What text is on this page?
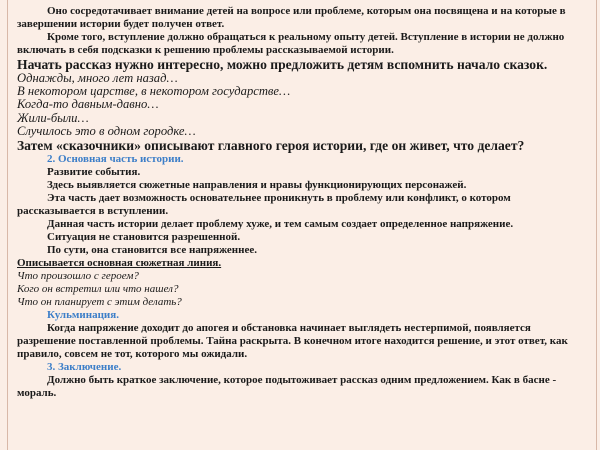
Оно сосредотачивает внимание детей на вопросе или проблеме, которым она посвящена и на которые в завершении истории будет получен ответ.

Кроме того, вступление должно обращаться к реальному опыту детей. Вступление в истории не должно включать в себя подсказки к решению проблемы рассказываемой истории.

Начать рассказ нужно интересно, можно предложить детям вспомнить начало сказок.

Однажды, много лет назад…

В некотором царстве, в некотором государстве…

Когда-то давным-давно…

Жили-были…

Случилось это в одном городке…

Затем «сказочники» описывают главного героя истории, где он живет, что делает?

2. Основная часть истории.

Развитие события.

Здесь выявляется сюжетные направления и нравы функционирующих персонажей.

Эта часть дает возможность основательнее проникнуть в проблему или конфликт, о котором рассказывается в вступлении.

Данная часть истории делает проблему хуже, и тем самым создает определенное напряжение.

Ситуация не становится разрешенной.

По сути, она становится все напряженнее.

Описывается основная сюжетная линия.

Что произошло с героем?

Кого он встретил или что нашел?

Что он планирует с этим делать?

Кульминация.

Когда напряжение доходит до апогея и обстановка начинает выглядеть нестерпимой, появляется разрешение поставленной проблемы. Тайна раскрыта. В конечном итоге находится решение, и этот ответ, как правило, совсем не тот, которого мы ожидали.

3. Заключение.

Должно быть краткое заключение, которое подытоживает рассказ одним предложением. Как в басне - мораль.
